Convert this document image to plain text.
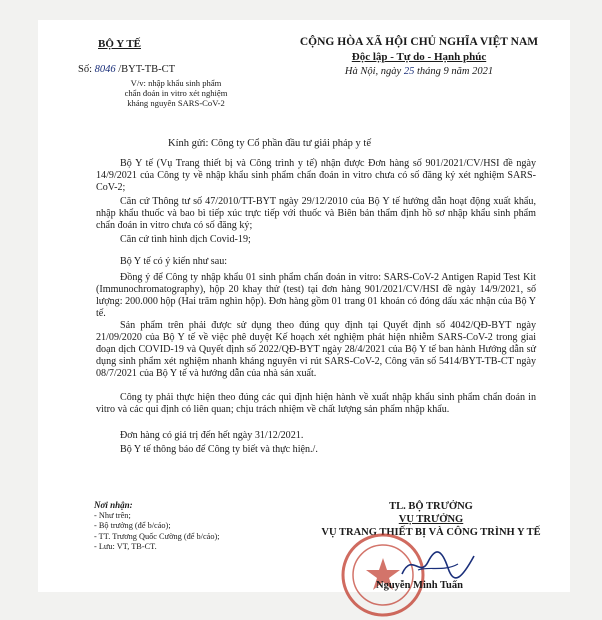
BỘ Y TẾ
Số: 8046 /BYT-TB-CT
V/v: nhập khẩu sinh phẩm
chẩn đoán in vitro xét nghiệm
kháng nguyên SARS-CoV-2
CỘNG HÒA XÃ HỘI CHỦ NGHĨA VIỆT NAM
Độc lập - Tự do - Hạnh phúc
Hà Nội, ngày 25 tháng 9 năm 2021
Kính gửi: Công ty Cổ phần đầu tư giải pháp y tế

Bộ Y tế (Vụ Trang thiết bị và Công trình y tế) nhận được Đơn hàng số 901/2021/CV/HSI đề ngày 14/9/2021 của Công ty về nhập khẩu sinh phẩm chẩn đoán in vitro chưa có số đăng ký xét nghiệm SARS-CoV-2;

Căn cứ Thông tư số 47/2010/TT-BYT ngày 29/12/2010 của Bộ Y tế hướng dẫn hoạt động xuất khẩu, nhập khẩu thuốc và bao bì tiếp xúc trực tiếp với thuốc và Biên bản thẩm định hồ sơ nhập khẩu sinh phẩm chẩn đoán in vitro chưa có số đăng ký;

Căn cứ tình hình dịch Covid-19;

Bộ Y tế có ý kiến như sau:

Đồng ý để Công ty nhập khẩu 01 sinh phẩm chẩn đoán in vitro: SARS-CoV-2 Antigen Rapid Test Kit (Immunochromatography), hộp 20 khay thử (test) tại đơn hàng 901/2021/CV/HSI đề ngày 14/9/2021, số lượng: 200.000 hộp (Hai trăm nghìn hộp). Đơn hàng gồm 01 trang 01 khoản có đóng dấu xác nhận của Bộ Y tế.

Sản phẩm trên phải được sử dụng theo đúng quy định tại Quyết định số 4042/QĐ-BYT ngày 21/09/2020 của Bộ Y tế về việc phê duyệt Kế hoạch xét nghiệm phát hiện nhiễm SARS-CoV-2 trong giai đoạn dịch COVID-19 và Quyết định số 2022/QĐ-BYT ngày 28/4/2021 của Bộ Y tế ban hành Hướng dẫn sử dụng sinh phẩm xét nghiệm nhanh kháng nguyên vi rút SARS-CoV-2, Công văn số 5414/BYT-TB-CT ngày 08/7/2021 của Bộ Y tế và hướng dẫn của nhà sản xuất.

Công ty phải thực hiện theo đúng các qui định hiện hành về xuất nhập khẩu sinh phẩm chẩn đoán in vitro và các qui định có liên quan; chịu trách nhiệm về chất lượng sản phẩm nhập khẩu.

Đơn hàng có giá trị đến hết ngày 31/12/2021.

Bộ Y tế thông báo để Công ty biết và thực hiện./.

Nơi nhận:
- Như trên;
- Bộ trưởng (để b/cáo);
- TT. Trương Quốc Cường (để b/cáo);
- Lưu: VT, TB-CT.
TL. BỘ TRƯỞNG
VỤ TRƯỞNG
VỤ TRANG THIẾT BỊ VÀ CÔNG TRÌNH Y TẾ
Nguyễn Minh Tuấn
